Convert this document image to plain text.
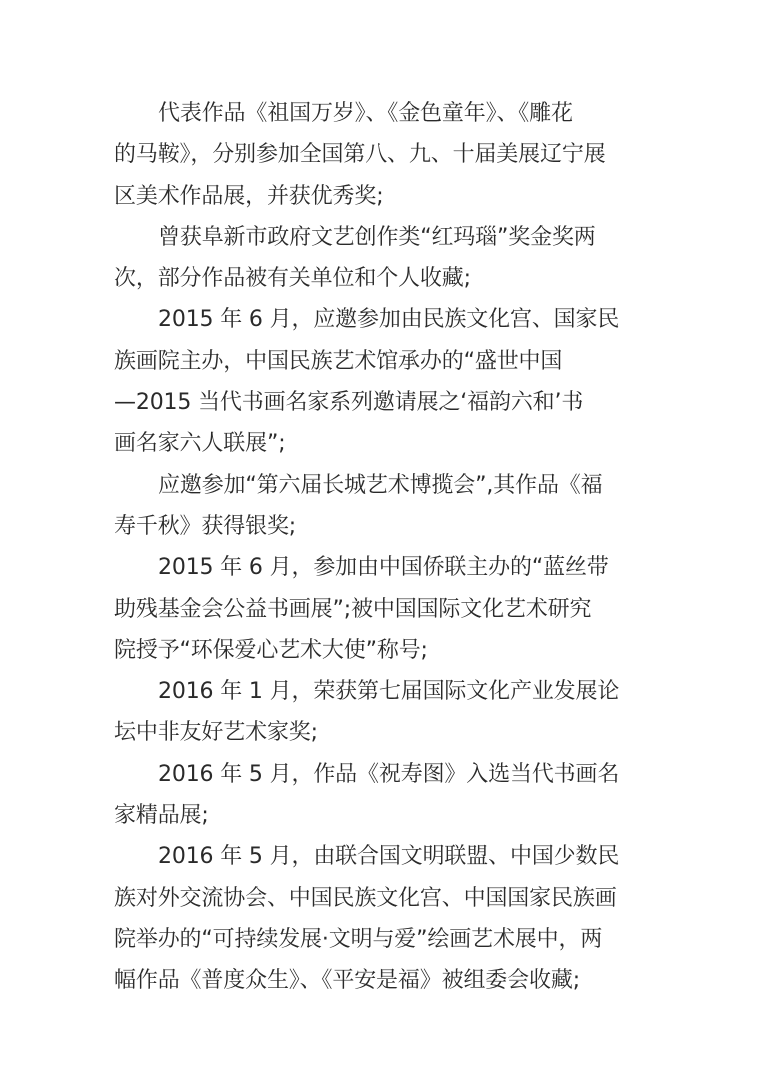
代表作品《祖国万岁》、《金色童年》、《雕花
的马鞍》，分别参加全国第八、九、十届美展辽宁展
区美术作品展，并获优秀奖;

曾获阜新市政府文艺创作类“红玛瑙”奖金奖两
次，部分作品被有关单位和个人收藏;

2015 年 6 月，应邀参加由民族文化宫、国家民
族画院主办，中国民族艺术馆承办的“盛世中国
—2015 当代书画名家系列邀请展之‘福韵六和’书
画名家六人联展”;

应邀参加“第六届长城艺术博揽会”,其作品《福
寿千秋》获得银奖;

2015 年 6 月，参加由中国侨联主办的“蓝丝带
助残基金会公益书画展”;被中国国际文化艺术研究
院授予“环保爱心艺术大使”称号;

2016 年 1 月，荣获第七届国际文化产业发展论
坛中非友好艺术家奖;

2016 年 5 月，作品《祝寿图》入选当代书画名
家精品展;

2016 年 5 月，由联合国文明联盟、中国少数民
族对外交流协会、中国民族文化宫、中国国家民族画
院举办的“可持续发展·文明与爱”绘画艺术展中，两
幅作品《普度众生》、《平安是福》被组委会收藏;
